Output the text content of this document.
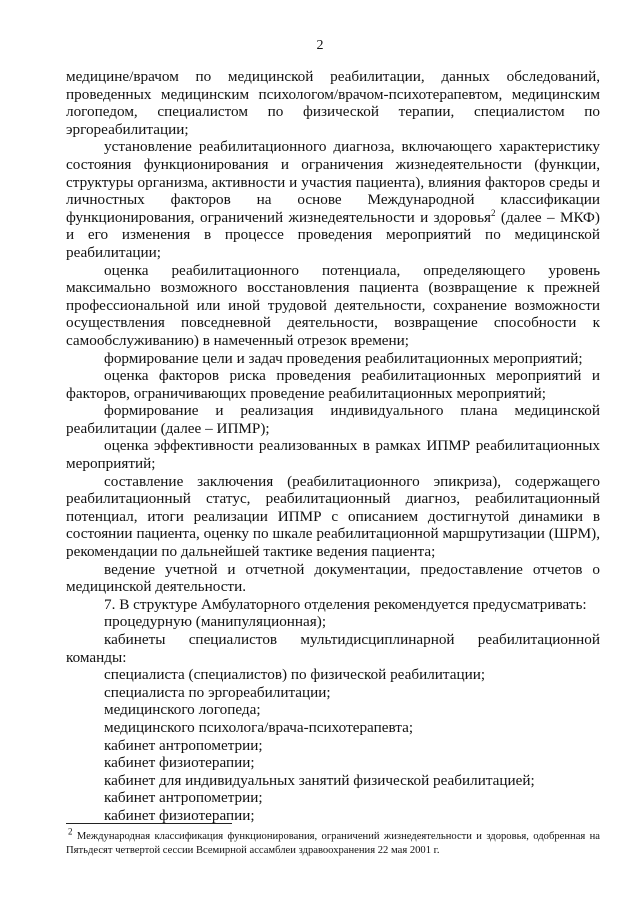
2

медицине/врачом по медицинской реабилитации, данных обследований, проведенных медицинским психологом/врачом-психотерапевтом, медицинским логопедом, специалистом по физической терапии, специалистом по эргореабилитации;

установление реабилитационного диагноза, включающего характеристику состояния функционирования и ограничения жизнедеятельности (функции, структуры организма, активности и участия пациента), влияния факторов среды и личностных факторов на основе Международной классификации функционирования, ограничений жизнедеятельности и здоровья$^2$ (далее – МКФ) и его изменения в процессе проведения мероприятий по медицинской реабилитации;

оценка реабилитационного потенциала, определяющего уровень максимально возможного восстановления пациента (возвращение к прежней профессиональной или иной трудовой деятельности, сохранение возможности осуществления повседневной деятельности, возвращение способности к самообслуживанию) в намеченный отрезок времени;

формирование цели и задач проведения реабилитационных мероприятий;

оценка факторов риска проведения реабилитационных мероприятий и факторов, ограничивающих проведение реабилитационных мероприятий;

формирование и реализация индивидуального плана медицинской реабилитации (далее – ИПМР);

оценка эффективности реализованных в рамках ИПМР реабилитационных мероприятий;

составление заключения (реабилитационного эпикриза), содержащего реабилитационный статус, реабилитационный диагноз, реабилитационный потенциал, итоги реализации ИПМР с описанием достигнутой динамики в состоянии пациента, оценку по шкале реабилитационной маршрутизации (ШРМ), рекомендации по дальнейшей тактике ведения пациента;

ведение учетной и отчетной документации, предоставление отчетов о медицинской деятельности.

7. В структуре Амбулаторного отделения рекомендуется предусматривать:

процедурную (манипуляционная);

кабинеты специалистов мультидисциплинарной реабилитационной команды:

специалиста (специалистов) по физической реабилитации;

специалиста по эргореабилитации;

медицинского логопеда;

медицинского психолога/врача-психотерапевта;

кабинет антропометрии;

кабинет физиотерапии;

кабинет для индивидуальных занятий физической реабилитацией;

кабинет антропометрии;

кабинет физиотерапии;

$^2$ Международная классификация функционирования, ограничений жизнедеятельности и здоровья, одобренная на Пятьдесят четвертой сессии Всемирной ассамблеи здравоохранения 22 мая 2001 г.
